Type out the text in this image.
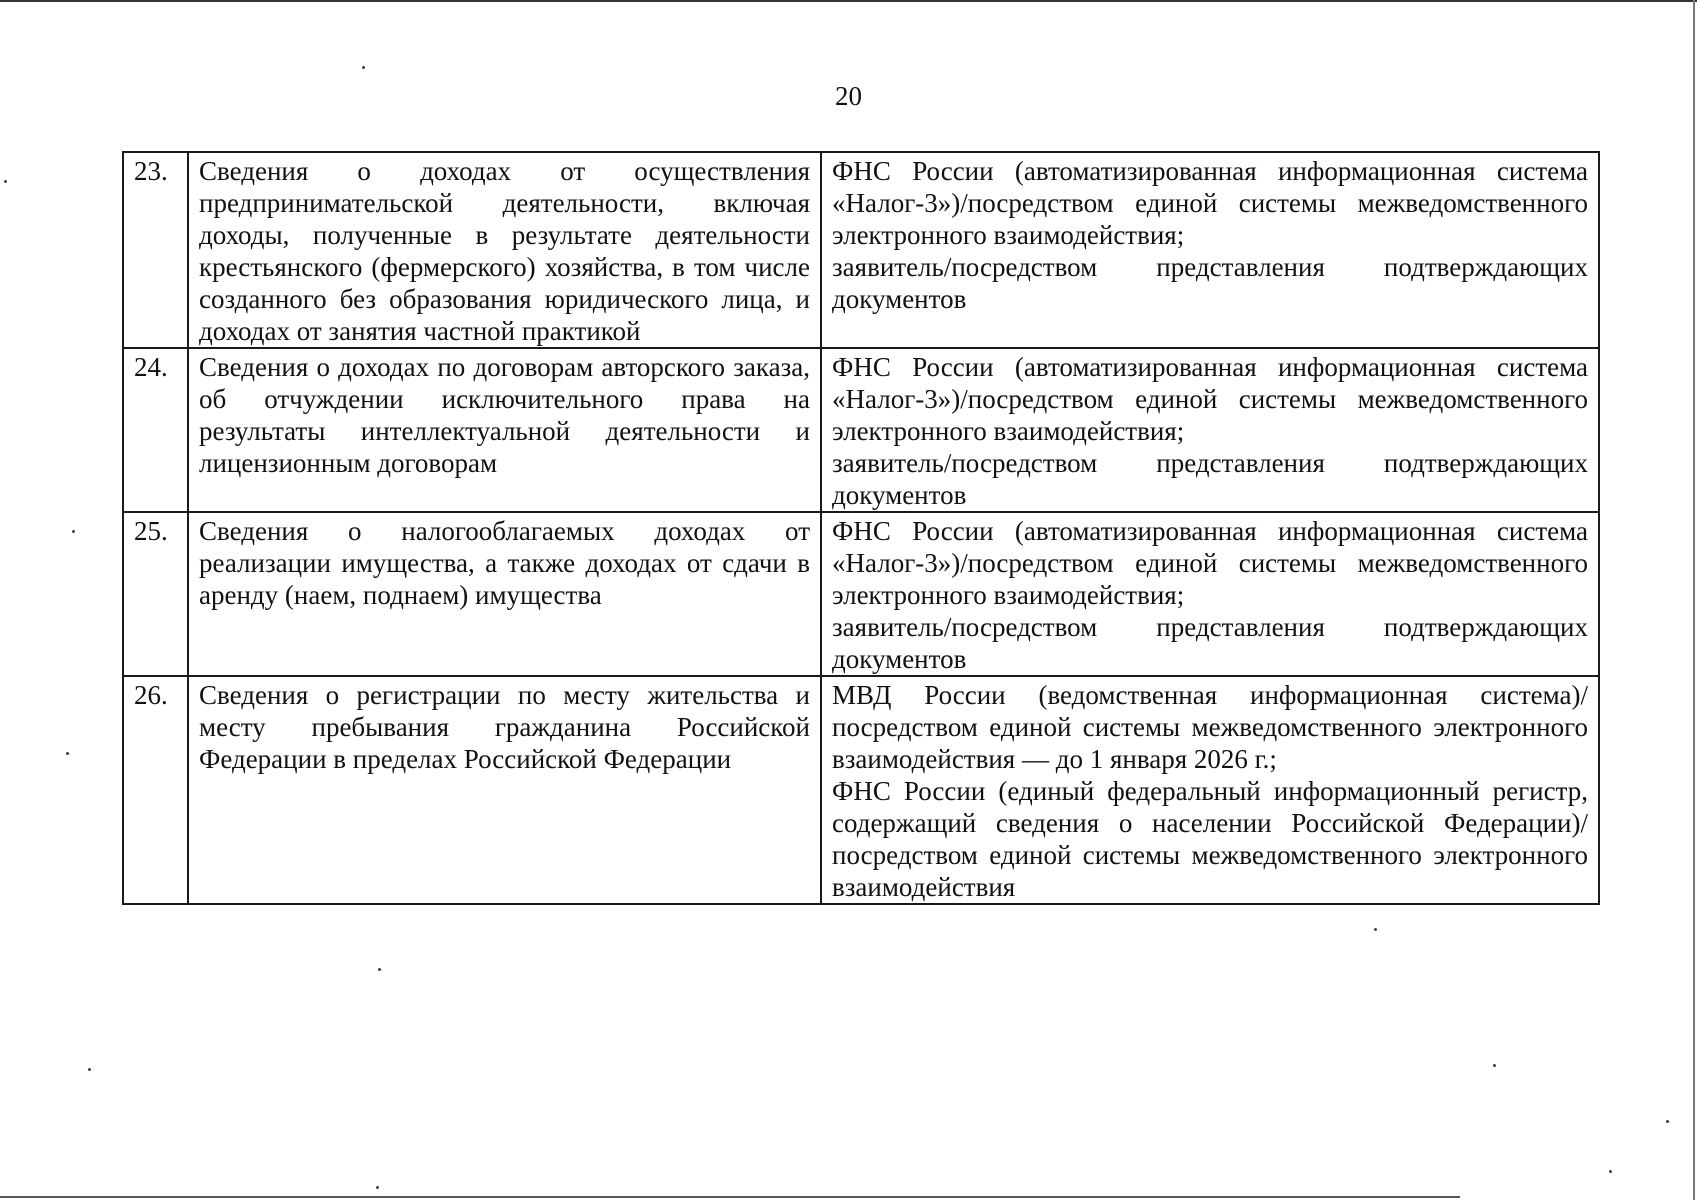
20
23.	Сведения о доходах от осуществления предпринимательской деятельности, включая доходы, полученные в результате деятельности крестьянского (фермерского) хозяйства, в том числе созданного без образования юридического лица, и доходах от занятия частной практикой	ФНС России (автоматизированная информационная система «Налог-3»)/посредством единой системы межведомственного электронного взаимодействия;
заявитель/посредством представления подтверждающих документов

24.	Сведения о доходах по договорам авторского заказа, об отчуждении исключительного права на результаты интеллектуальной деятельности и лицензионным договорам	ФНС России (автоматизированная информационная система «Налог-3»)/посредством единой системы межведомственного электронного взаимодействия;
заявитель/посредством представления подтверждающих документов

25.	Сведения о налогооблагаемых доходах от реализации имущества, а также доходах от сдачи в аренду (наем, поднаем) имущества	ФНС России (автоматизированная информационная система «Налог-3»)/посредством единой системы межведомственного электронного взаимодействия;
заявитель/посредством представления подтверждающих документов

26.	Сведения о регистрации по месту жительства и месту пребывания гражданина Российской Федерации в пределах Российской Федерации	МВД России (ведомственная информационная система)/посредством единой системы межведомственного электронного взаимодействия — до 1 января 2026 г.;
ФНС России (единый федеральный информационный регистр, содержащий сведения о населении Российской Федерации)/посредством единой системы межведомственного электронного взаимодействия
